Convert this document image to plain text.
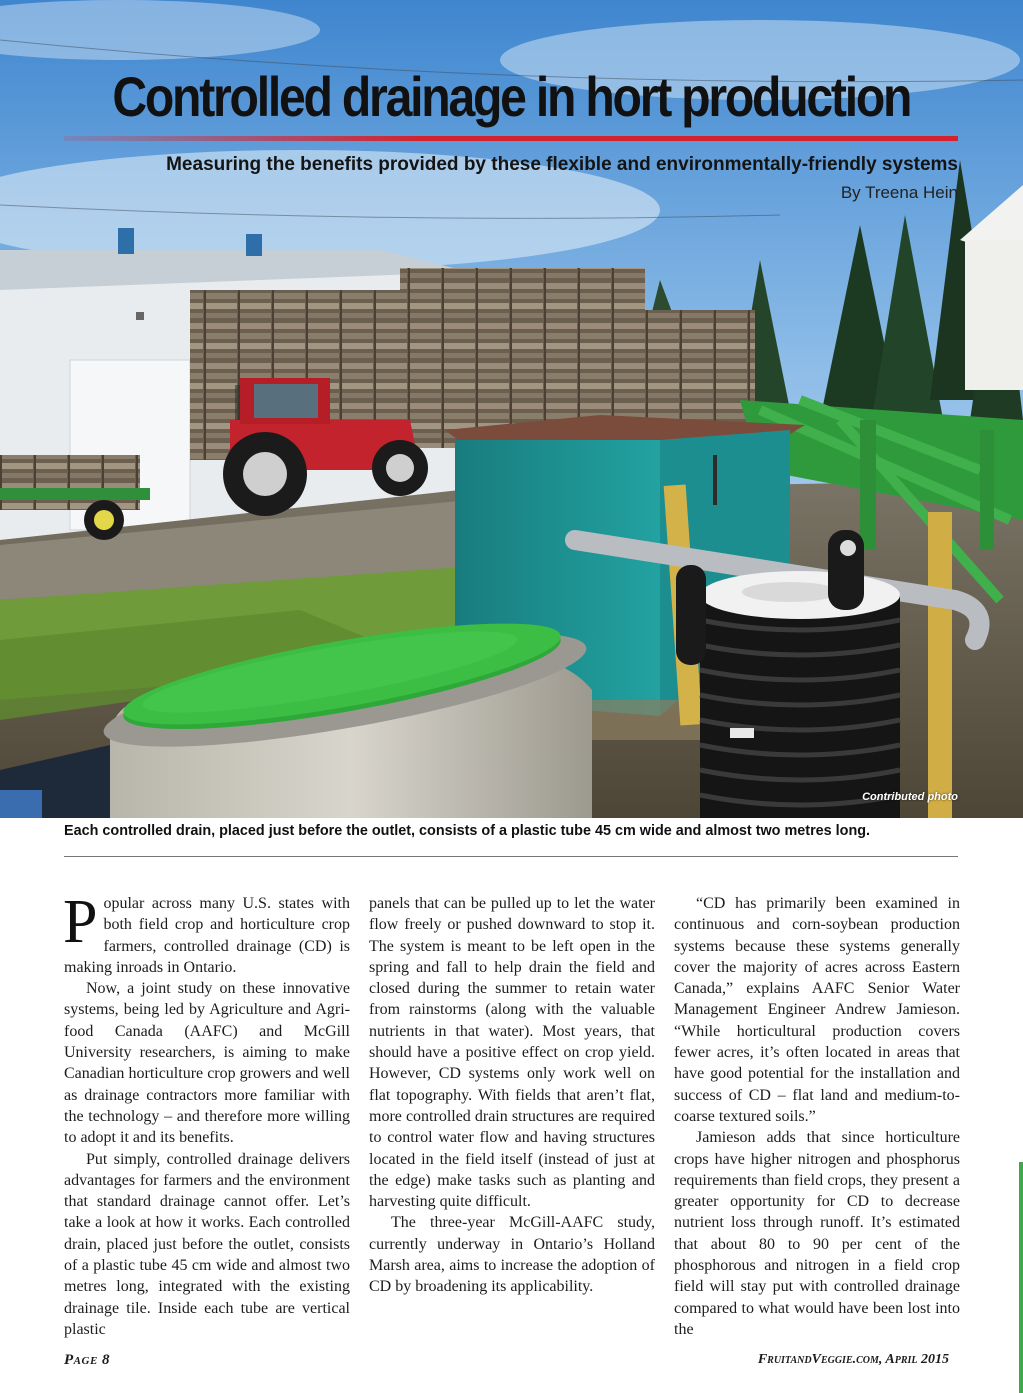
Controlled drainage in hort production
Measuring the benefits provided by these flexible and environmentally-friendly systems
By Treena Hein
Contributed photo
Each controlled drain, placed just before the outlet, consists of a plastic tube 45 cm wide and almost two metres long.

Popular across many U.S. states with both field crop and horticulture crop farmers, controlled drainage (CD) is making inroads in Ontario.

Now, a joint study on these innovative systems, being led by Agriculture and Agri-food Canada (AAFC) and McGill University researchers, is aiming to make Canadian horticulture crop growers and well as drainage contractors more familiar with the technology – and therefore more willing to adopt it and its benefits.

Put simply, controlled drainage delivers advantages for farmers and the environment that standard drainage cannot offer. Let’s take a look at how it works. Each controlled drain, placed just before the outlet, consists of a plastic tube 45 cm wide and almost two metres long, integrated with the existing drainage tile. Inside each tube are vertical plastic

panels that can be pulled up to let the water flow freely or pushed downward to stop it. The system is meant to be left open in the spring and fall to help drain the field and closed during the summer to retain water from rainstorms (along with the valuable nutrients in that water). Most years, that should have a positive effect on crop yield. However, CD systems only work well on flat topography. With fields that aren’t flat, more controlled drain structures are required to control water flow and having structures located in the field itself (instead of just at the edge) make tasks such as planting and harvesting quite difficult.

The three-year McGill-AAFC study, currently underway in Ontario’s Holland Marsh area, aims to increase the adoption of CD by broadening its applicability.

“CD has primarily been examined in continuous and corn-soybean production systems because these systems generally cover the majority of acres across Eastern Canada,” explains AAFC Senior Water Management Engineer Andrew Jamieson. “While horticultural production covers fewer acres, it’s often located in areas that have good potential for the installation and success of CD – flat land and medium-to-coarse textured soils.”

Jamieson adds that since horticulture crops have higher nitrogen and phosphorus requirements than field crops, they present a greater opportunity for CD to decrease nutrient loss through runoff. It’s estimated that about 80 to 90 per cent of the phosphorous and nitrogen in a field crop field will stay put with controlled drainage compared to what would have been lost into the

Page 8	FruitandVeggie.com, April 2015
